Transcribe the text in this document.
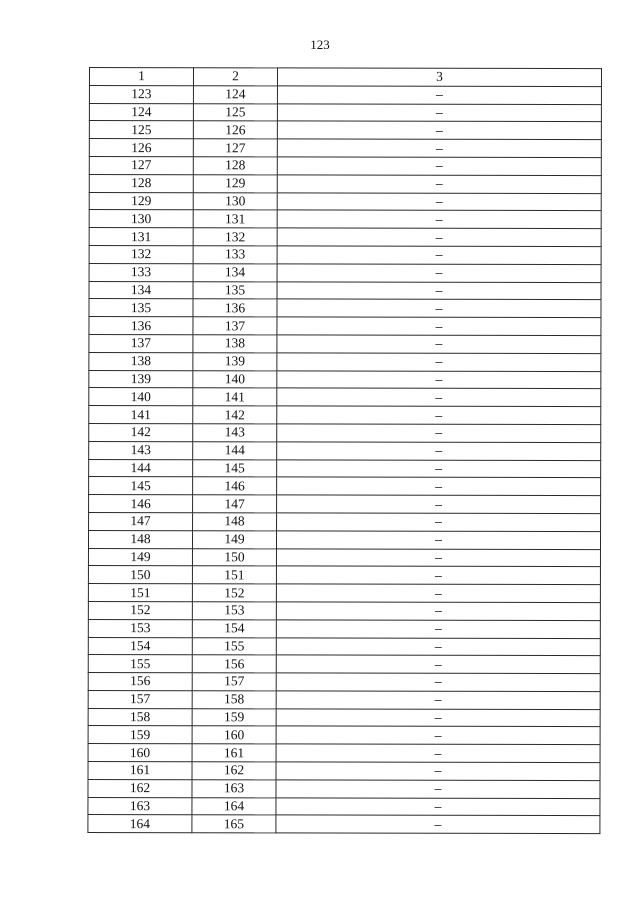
123
1	2	3
123	124	–
124	125	–
125	126	–
126	127	–
127	128	–
128	129	–
129	130	–
130	131	–
131	132	–
132	133	–
133	134	–
134	135	–
135	136	–
136	137	–
137	138	–
138	139	–
139	140	–
140	141	–
141	142	–
142	143	–
143	144	–
144	145	–
145	146	–
146	147	–
147	148	–
148	149	–
149	150	–
150	151	–
151	152	–
152	153	–
153	154	–
154	155	–
155	156	–
156	157	–
157	158	–
158	159	–
159	160	–
160	161	–
161	162	–
162	163	–
163	164	–
164	165	–
